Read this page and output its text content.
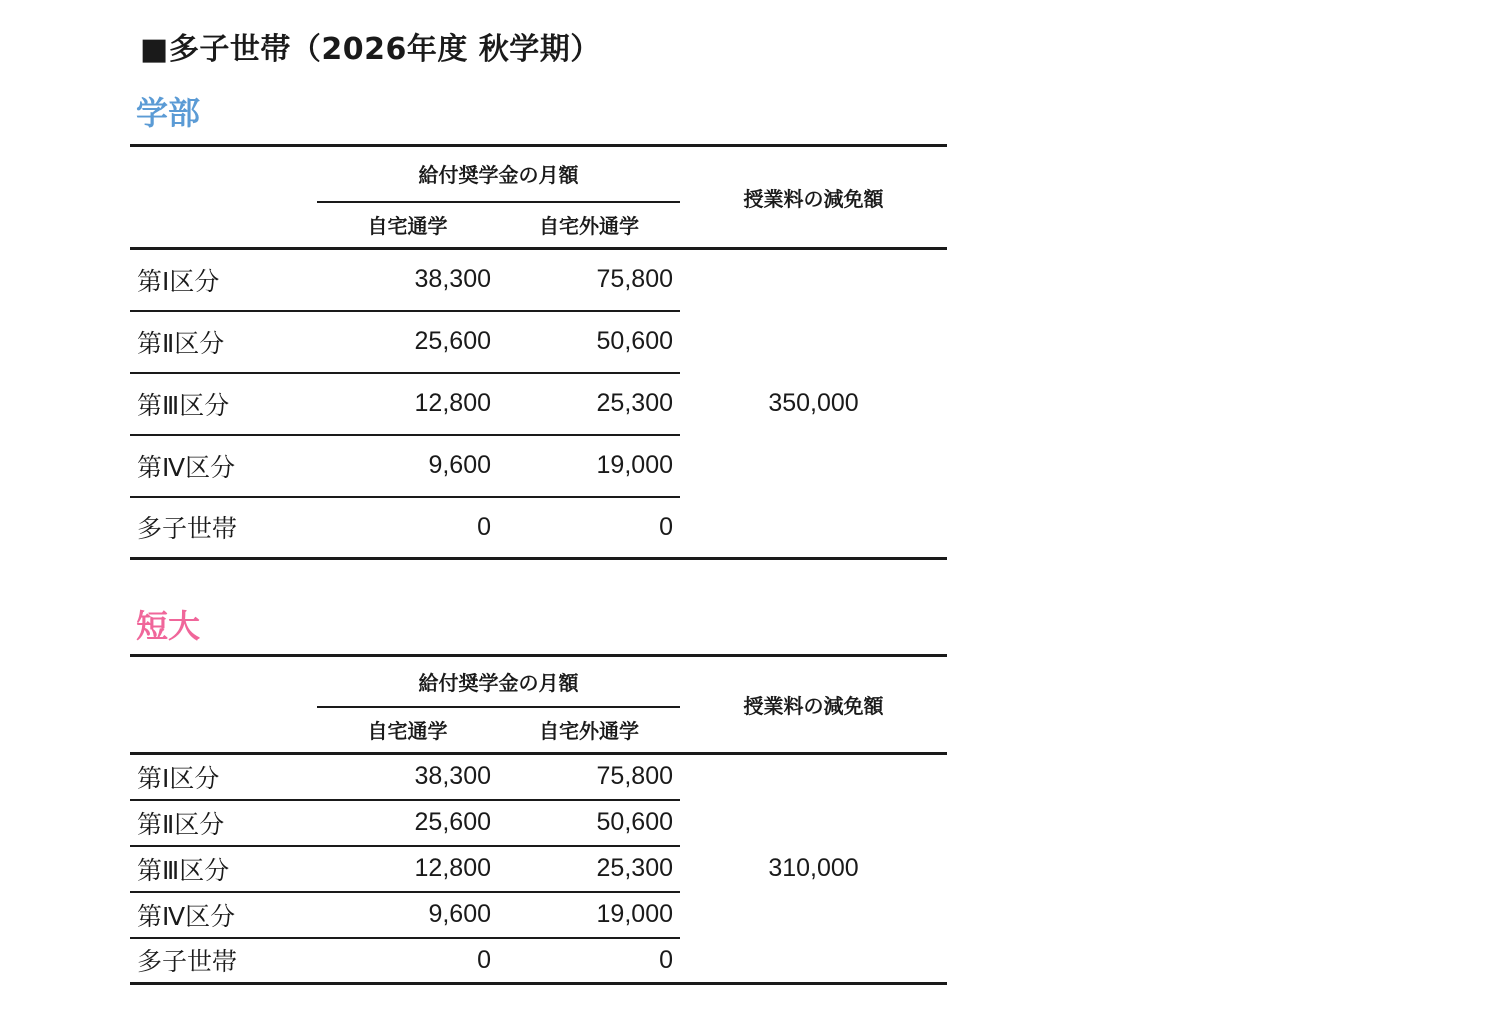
■多子世帯（2026年度 秋学期）
学部
	給付奨学金の月額		授業料の減免額
	自宅通学	自宅外通学	
第Ⅰ区分	38,300	75,800	350,000
第Ⅱ区分	25,600	50,600	
第Ⅲ区分	12,800	25,300	
第Ⅳ区分	9,600	19,000	
多子世帯	0	0	
短大
	給付奨学金の月額		授業料の減免額
	自宅通学	自宅外通学	
第Ⅰ区分	38,300	75,800	310,000
第Ⅱ区分	25,600	50,600	
第Ⅲ区分	12,800	25,300	
第Ⅳ区分	9,600	19,000	
多子世帯	0	0	
